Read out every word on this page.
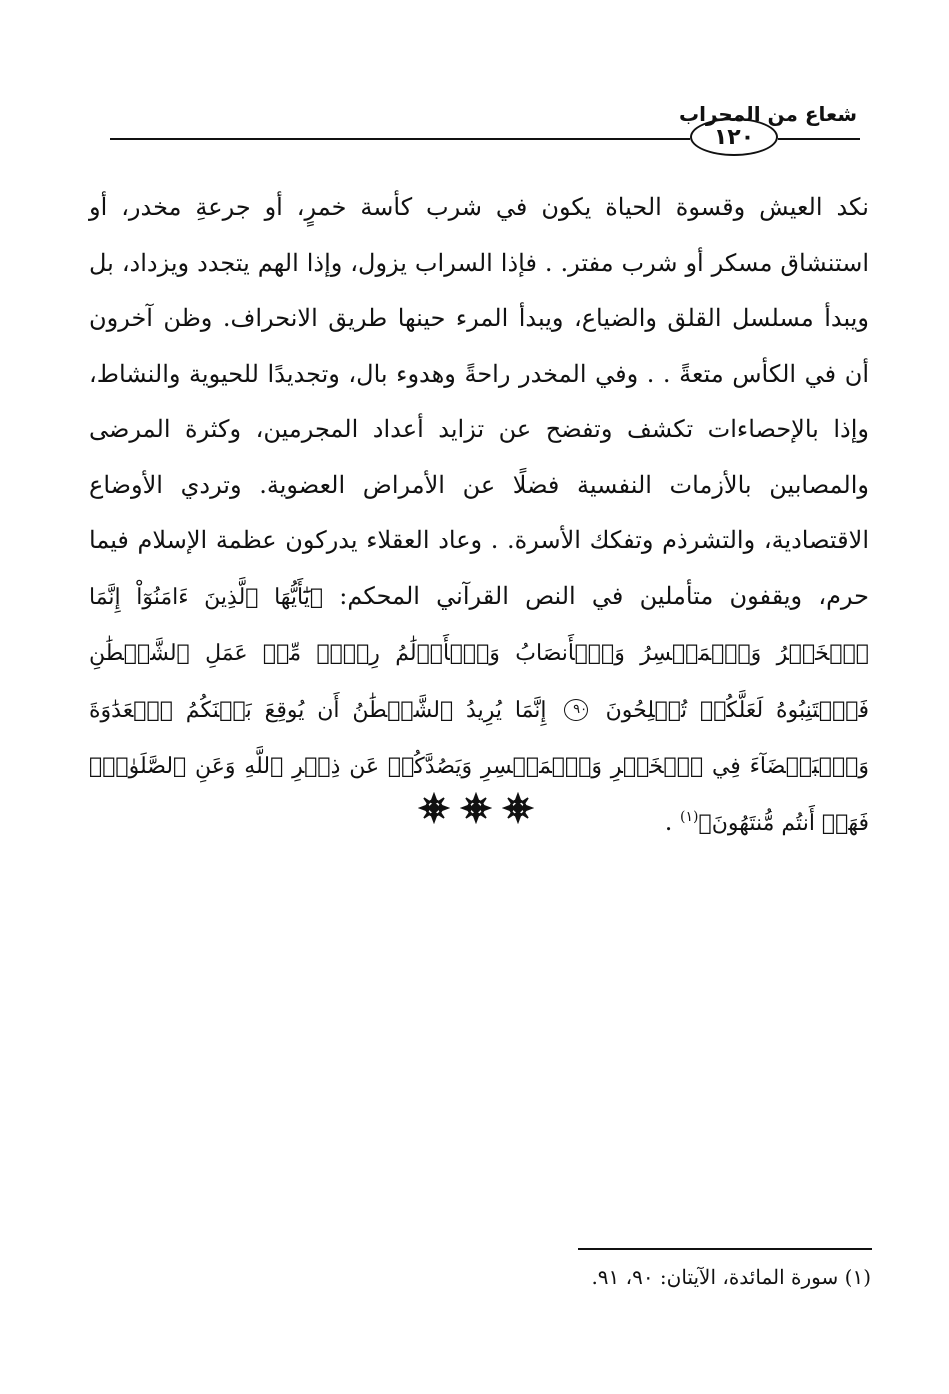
شعاع من المحراب
١٢٠

نكد العيش وقسوة الحياة يكون في شرب كأسة خمرٍ، أو جرعةِ مخدر، أو استنشاق مسكر أو شرب مفتر. . فإذا السراب يزول، وإذا الهم يتجدد ويزداد، بل ويبدأ مسلسل القلق والضياع، ويبدأ المرء حينها طريق الانحراف. وظن آخرون أن في الكأس متعةً . . وفي المخدر راحةً وهدوء بال، وتجديدًا للحيوية والنشاط، وإذا بالإحصاءات تكشف وتفضح عن تزايد أعداد المجرمين، وكثرة المرضى والمصابين بالأزمات النفسية فضلًا عن الأمراض العضوية. وتردي الأوضاع الاقتصادية، والتشرذم وتفكك الأسرة. . وعاد العقلاء يدركون عظمة الإسلام فيما حرم، ويقفون متأملين في النص القرآني المحكم: ﴿يَٰٓأَيُّهَا ٱلَّذِينَ ءَامَنُوٓاْ إِنَّمَا ٱلۡخَمۡرُ وَٱلۡمَيۡسِرُ وَٱلۡأَنصَابُ وَٱلۡأَزۡلَٰمُ رِجۡسٞ مِّنۡ عَمَلِ ٱلشَّيۡطَٰنِ فَٱجۡتَنِبُوهُ لَعَلَّكُمۡ تُفۡلِحُونَ ٩٠ إِنَّمَا يُرِيدُ ٱلشَّيۡطَٰنُ أَن يُوقِعَ بَيۡنَكُمُ ٱلۡعَدَٰوَةَ وَٱلۡبَغۡضَآءَ فِي ٱلۡخَمۡرِ وَٱلۡمَيۡسِرِ وَيَصُدَّكُمۡ عَن ذِكۡرِ ٱللَّهِ وَعَنِ ٱلصَّلَوٰةِۖ فَهَلۡ أَنتُم مُّنتَهُونَ﴾$^{(١)}$ .

(١) سورة المائدة، الآيتان: ٩٠، ٩١.
